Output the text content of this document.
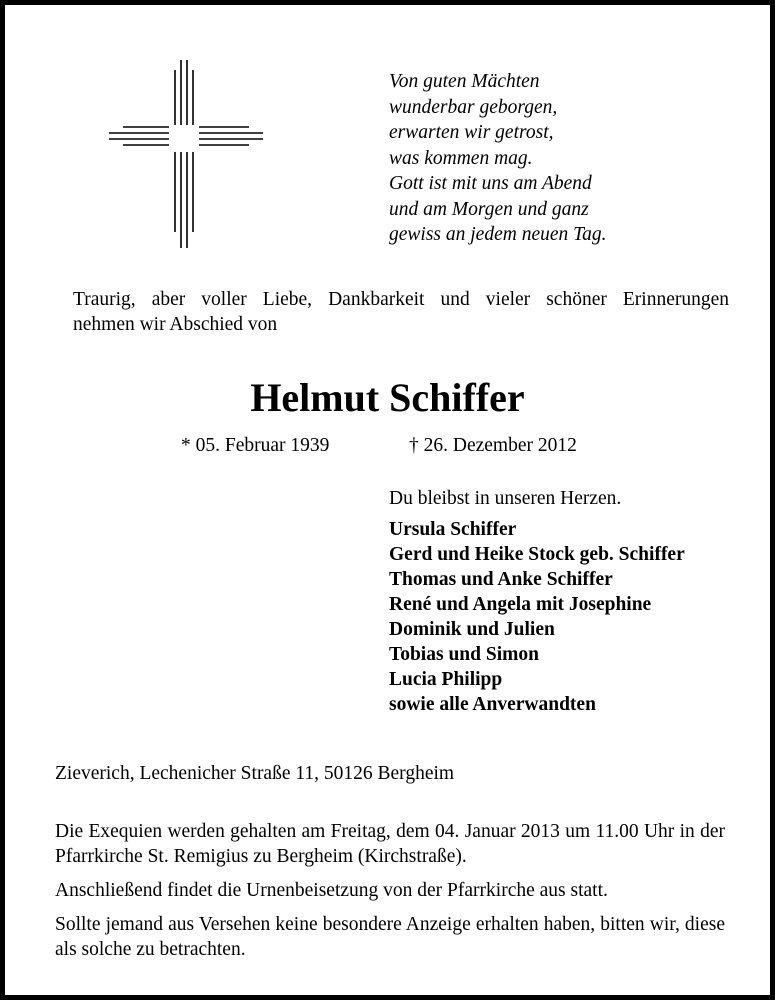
Von guten Mächten
wunderbar geborgen,
erwarten wir getrost,
was kommen mag.
Gott ist mit uns am Abend
und am Morgen und ganz
gewiss an jedem neuen Tag.
Traurig, aber voller Liebe, Dankbarkeit und vieler schöner Erinnerungen
nehmen wir Abschied von
Helmut Schiffer
* 05. Februar 1939	† 26. Dezember 2012
Du bleibst in unseren Herzen.
Ursula Schiffer
Gerd und Heike Stock geb. Schiffer
Thomas und Anke Schiffer
René und Angela mit Josephine
Dominik und Julien
Tobias und Simon
Lucia Philipp
sowie alle Anverwandten
Zieverich, Lechenicher Straße 11, 50126 Bergheim

Die Exequien werden gehalten am Freitag, dem 04. Januar 2013 um 11.00 Uhr in der Pfarrkirche St. Remigius zu Bergheim (Kirchstraße).

Anschließend findet die Urnenbeisetzung von der Pfarrkirche aus statt.

Sollte jemand aus Versehen keine besondere Anzeige erhalten haben, bitten wir, diese als solche zu betrachten.
